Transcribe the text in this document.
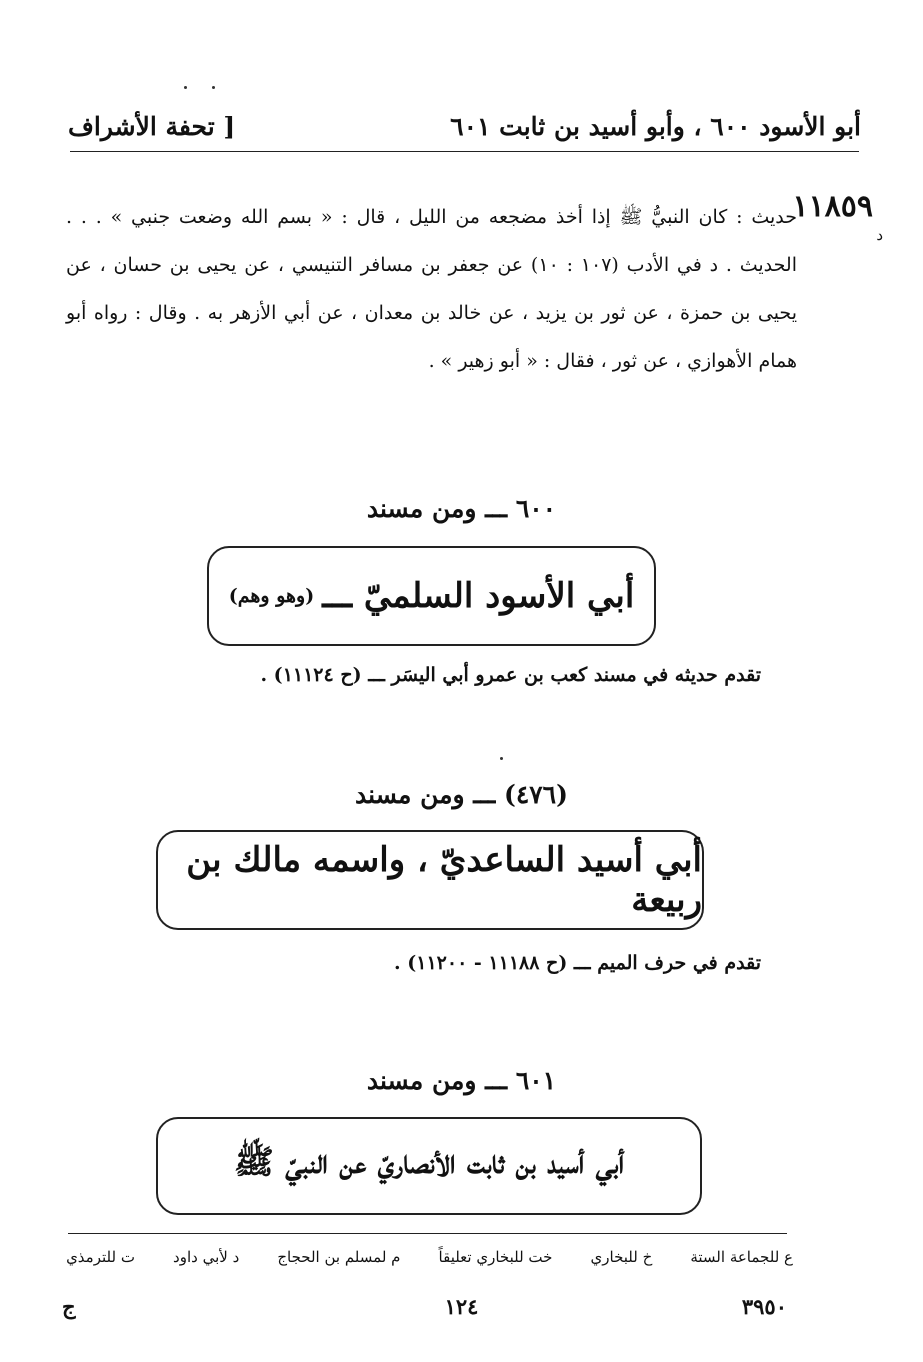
أبو الأسود ٦٠٠ ، وأبو أسيد بن ثابت ٦٠١
[ تحفة الأشراف
١١٨٥٩
د
حديث : كان النبيُّ ﷺ إذا أخذ مضجعه من الليل ، قال : « بسم الله وضعت جنبي » . . . الحديث . د في الأدب (١٠٧ : ١٠) عن جعفر بن مسافر التنيسي ، عن يحيى بن حسان ، عن يحيى بن حمزة ، عن ثور بن يزيد ، عن خالد بن معدان ، عن أبي الأزهر به . وقال : رواه أبو همام الأهوازي ، عن ثور ، فقال : « أبو زهير » .
٦٠٠ ـــ ومن مسند
أبي الأسود السلميّ ـــ
(وهو وهم)
تقدم حديثه في مسند كعب بن عمرو أبي اليسَر ـــ (ح ١١١٢٤) .
(٤٧٦) ـــ ومن مسند
أبي أسيد الساعديّ ، واسمه مالك بن ربيعة
تقدم في حرف الميم ـــ (ح ١١١٨٨ - ١١٢٠٠) .
٦٠١ ـــ ومن مسند
أبي أسيد بن ثابت الأنصاريّ عن النبيّ ﷺ
ع للجماعة الستة
خ للبخاري
خت للبخاري تعليقاً
م لمسلم بن الحجاج
د لأبي داود
ت للترمذي
٣٩٥٠
١٢٤
ج
